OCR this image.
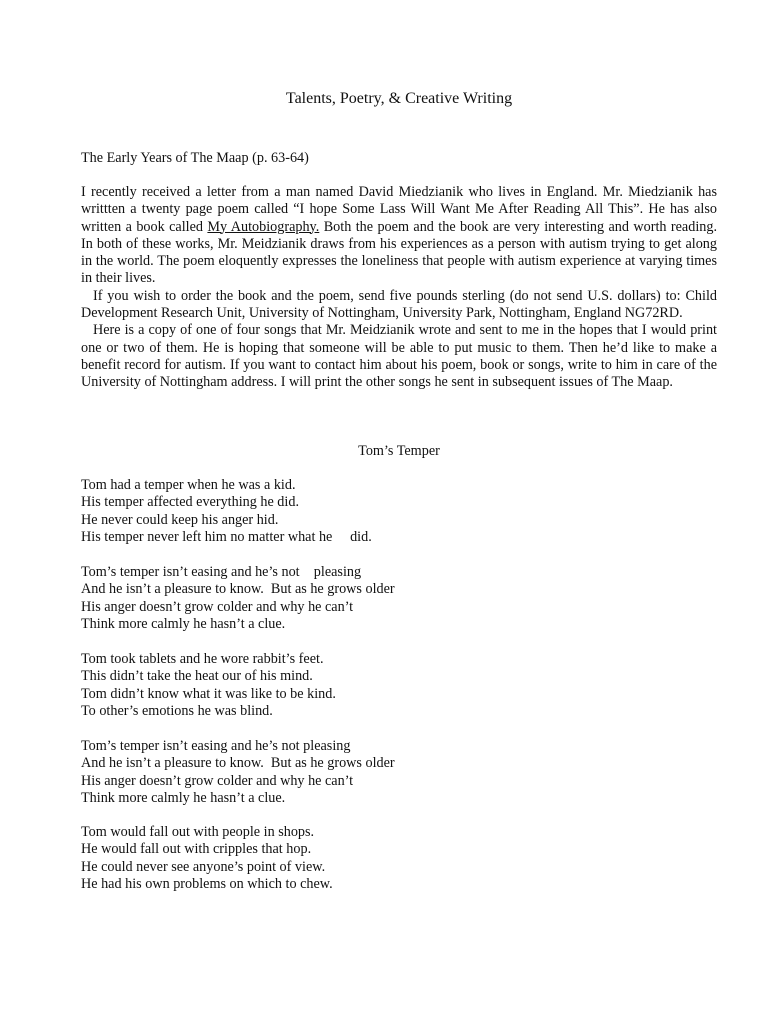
Talents, Poetry, & Creative Writing
The Early Years of The Maap (p. 63-64)

I recently received a letter from a man named David Miedzianik who lives in England. Mr. Miedzianik has writtten a twenty page poem called “I hope Some Lass Will Want Me After Reading All This”. He has also written a book called My Autobiography. Both the poem and the book are very interesting and worth reading. In both of these works, Mr. Meidzianik draws from his experiences as a person with autism trying to get along in the world. The poem eloquently expresses the loneliness that people with autism experience at varying times in their lives.

If you wish to order the book and the poem, send five pounds sterling (do not send U.S. dollars) to: Child Development Research Unit, University of Nottingham, University Park, Nottingham, England NG72RD.

Here is a copy of one of four songs that Mr. Meidzianik wrote and sent to me in the hopes that I would print one or two of them. He is hoping that someone will be able to put music to them. Then he’d like to make a benefit record for autism. If you want to contact him about his poem, book or songs, write to him in care of the University of Nottingham address. I will print the other songs he sent in subsequent issues of The Maap.

Tom’s Temper
Tom had a temper when he was a kid.
His temper affected everything he did.
He never could keep his anger hid.
His temper never left him no matter what he     did.
Tom’s temper isn’t easing and he’s not    pleasing
And he isn’t a pleasure to know.  But as he grows older
His anger doesn’t grow colder and why he can’t
Think more calmly he hasn’t a clue.
Tom took tablets and he wore rabbit’s feet.
This didn’t take the heat our of his mind.
Tom didn’t know what it was like to be kind.
To other’s emotions he was blind.
Tom’s temper isn’t easing and he’s not pleasing
And he isn’t a pleasure to know.  But as he grows older
His anger doesn’t grow colder and why he can’t
Think more calmly he hasn’t a clue.
Tom would fall out with people in shops.
He would fall out with cripples that hop.
He could never see anyone’s point of view.
He had his own problems on which to chew.
